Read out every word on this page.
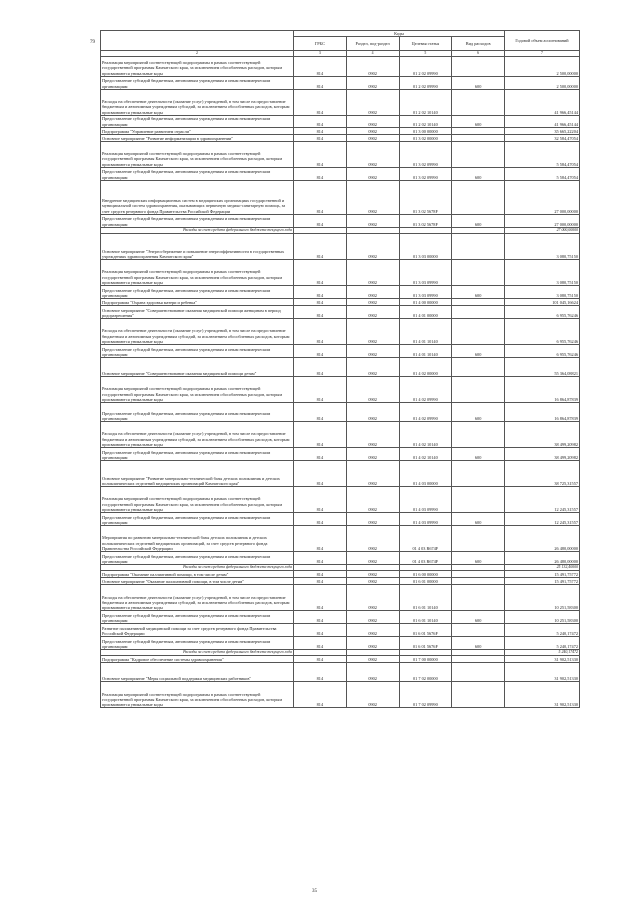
79
	Коды				Годовой объем ассигнований
	ГРБС	Раздел, под-раздел	Целевая статья	Вид расходов	
2	3	4	5	6	7
Реализация мероприятий соответствующей подпрограммы в рамках соответствующей государственной программы Камчатского края, за исключением обособленных расходов, которым присваиваются уникальные коды	814	0902	01 2 02 09990		2 500,00000
Предоставление субсидий бюджетным, автономным учреждениям и иным некоммерческим организациям	814	0902	01 2 02 09990	600	2 500,00000
Расходы на обеспечение деятельности (оказание услуг) учреждений, в том числе на предоставление бюджетным и автономным учреждениям субсидий, за исключением обособленных расходов, которым присваиваются уникальные коды	814	0902	01 2 02 10140		41 966,45144
Предоставление субсидий бюджетным, автономным учреждениям и иным некоммерческим организациям	814	0902	01 2 02 10140	600	41 966,45144
Подпрограмма "Управление развитием отрасли"	814	0902	01 3 00 00000		35 665,22204
Основное мероприятие "Развитие информатизации в здравоохранении"	814	0902	01 3 02 00000		32 584,47054
Реализация мероприятий соответствующей подпрограммы в рамках соответствующей государственной программы Камчатского края, за исключением обособленных расходов, которым присваиваются уникальные коды	814	0902	01 3 02 09990		5 584,47054
Предоставление субсидий бюджетным, автономным учреждениям и иным некоммерческим организациям	814	0902	01 3 02 09990	600	5 584,47054
Внедрение медицинских информационных систем в медицинских организациях государственной и муниципальной систем здравоохранения, оказывающих первичную медико-санитарную помощь, за счет средств резервного фонда Правительства Российской Федерации	814	0902	01 3 02 5678F		27 000,00000
Предоставление субсидий бюджетным, автономным учреждениям и иным некоммерческим организациям	814	0902	01 3 02 5678F	600	27 000,00000
Расходы за счет средств федерального бюджета текущего года					27 000,00000
Основное мероприятие "Энергосбережение и повышение энергоэффективности в государственных учреждениях здравоохранения Камчатского края"	814	0902	01 3 03 00000		3 080,75150
Реализация мероприятий соответствующей подпрограммы в рамках соответствующей государственной программы Камчатского края, за исключением обособленных расходов, которым присваиваются уникальные коды	814	0902	01 3 03 09990		3 080,75150
Предоставление субсидий бюджетным, автономным учреждениям и иным некоммерческим организациям	814	0902	01 3 03 09990	600	3 080,75150
Подпрограмма "Охрана здоровья матери и ребенка"	814	0902	01 4 00 00000		101 045,16624
Основное мероприятие "Совершенствование оказания медицинской помощи женщинам в период родоразрешения"	814	0902	01 4 01 00000		6 955,76246
Расходы на обеспечение деятельности (оказание услуг) учреждений, в том числе на предоставление бюджетным и автономным учреждениям субсидий, за исключением обособленных расходов, которым присваиваются уникальные коды	814	0902	01 4 01 10140		6 955,76246
Предоставление субсидий бюджетным, автономным учреждениям и иным некоммерческим организациям	814	0902	01 4 01 10140	600	6 955,76246
Основное мероприятие "Совершенствование оказания медицинской помощи детям"	814	0902	01 4 02 00000		55 364,08821
Реализация мероприятий соответствующей подпрограммы в рамках соответствующей государственной программы Камчатского края, за исключением обособленных расходов, которым присваиваются уникальные коды	814	0902	01 4 02 09990		16 864,87839
Предоставление субсидий бюджетным, автономным учреждениям и иным некоммерческим организациям	814	0902	01 4 02 09990	600	16 864,87839
Расходы на обеспечение деятельности (оказание услуг) учреждений, в том числе на предоставление бюджетным и автономным учреждениям субсидий, за исключением обособленных расходов, которым присваиваются уникальные коды	814	0902	01 4 02 10140		38 499,20982
Предоставление субсидий бюджетным, автономным учреждениям и иным некоммерческим организациям	814	0902	01 4 02 10140	600	38 499,20982
Основное мероприятие "Развитие материально-технической базы детских поликлиник и детских поликлинических отделений медицинских организаций Камчатского края"	814	0902	01 4 03 00000		38 725,31557
Реализация мероприятий соответствующей подпрограммы в рамках соответствующей государственной программы Камчатского края, за исключением обособленных расходов, которым присваиваются уникальные коды	814	0902	01 4 03 09990		12 245,31557
Предоставление субсидий бюджетным, автономным учреждениям и иным некоммерческим организациям	814	0902	01 4 03 09990	600	12 245,31557
Мероприятия по развитию материально-технической базы детских поликлиник и детских поликлинических отделений медицинских организаций, за счет средств резервного фонда Правительства Российской Федерации	814	0902	01 4 03 R674F		26 480,00000
Предоставление субсидий бюджетным, автономным учреждениям и иным некоммерческим организациям	814	0902	01 4 03 R674F	600	26 480,00000
Расходы за счет средств федерального бюджета текущего года					25 132,40000
Подпрограмма "Оказание паллиативной помощи, в том числе детям"	814	0902	01 6 00 00000		15 491,75772
Основное мероприятие "Оказание паллиативной помощи, в том числе детям"	814	0902	01 6 01 00000		15 491,75772
Расходы на обеспечение деятельности (оказание услуг) учреждений, в том числе на предоставление бюджетным и автономным учреждениям субсидий, за исключением обособленных расходов, которым присваиваются уникальные коды	814	0902	01 6 01 10140		10 251,58300
Предоставление субсидий бюджетным, автономным учреждениям и иным некоммерческим организациям	814	0902	01 6 01 10140	600	10 251,58300
Развитие паллиативной медицинской помощи за счет средств резервного фонда Правительства Российской Федерации	814	0902	01 6 01 5676F		5 240,17472
Предоставление субсидий бюджетным, автономным учреждениям и иным некоммерческим организациям	814	0902	01 6 01 5676F	600	5 240,17472
Расходы за счет средств федерального бюджета текущего года					5 240,17472
Подпрограмма "Кадровое обеспечение системы здравоохранения"	814	0902	01 7 00 00000		31 902,51330
Основное мероприятие "Меры социальной поддержки медицинских работников"	814	0902	01 7 02 00000		31 902,51330
Реализация мероприятий соответствующей подпрограммы в рамках соответствующей государственной программы Камчатского края, за исключением обособленных расходов, которым присваиваются уникальные коды	814	0902	01 7 02 09990		31 902,51330
35
